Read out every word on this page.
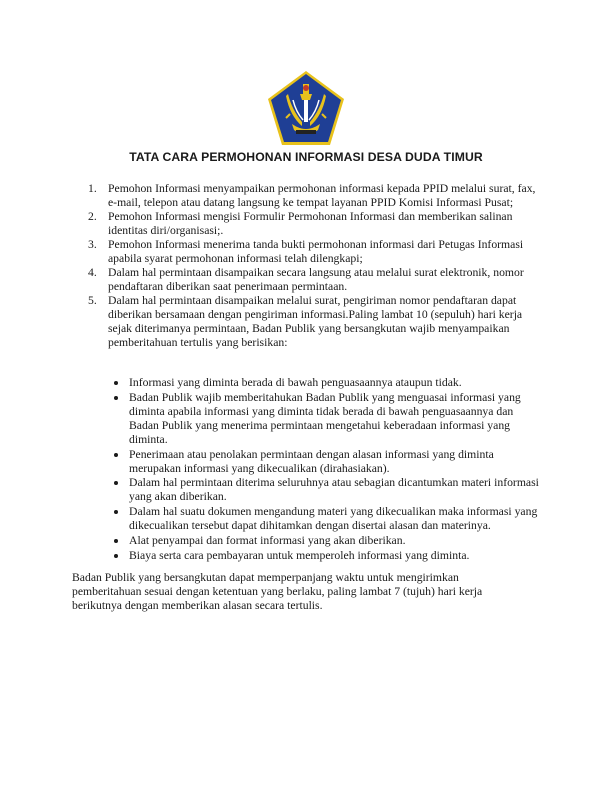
TATA CARA PERMOHONAN INFORMASI DESA DUDA TIMUR
1. Pemohon Informasi menyampaikan permohonan informasi kepada PPID melalui surat, fax, e-mail, telepon atau datang langsung ke tempat layanan PPID Komisi Informasi Pusat;
2. Pemohon Informasi mengisi Formulir Permohonan Informasi dan memberikan salinan identitas diri/organisasi;.
3. Pemohon Informasi menerima tanda bukti permohonan informasi dari Petugas Informasi apabila syarat permohonan informasi telah dilengkapi;
4. Dalam hal permintaan disampaikan secara langsung atau melalui surat elektronik, nomor pendaftaran diberikan saat penerimaan permintaan.
5. Dalam hal permintaan disampaikan melalui surat, pengiriman nomor pendaftaran dapat diberikan bersamaan dengan pengiriman informasi.Paling lambat 10 (sepuluh) hari kerja sejak diterimanya permintaan, Badan Publik yang bersangkutan wajib menyampaikan pemberitahuan tertulis yang berisikan:
Informasi yang diminta berada di bawah penguasaannya ataupun tidak.
Badan Publik wajib memberitahukan Badan Publik yang menguasai informasi yang diminta apabila informasi yang diminta tidak berada di bawah penguasaannya dan Badan Publik yang menerima permintaan mengetahui keberadaan informasi yang diminta.
Penerimaan atau penolakan permintaan dengan alasan informasi yang diminta merupakan informasi yang dikecualikan (dirahasiakan).
Dalam hal permintaan diterima seluruhnya atau sebagian dicantumkan materi informasi yang akan diberikan.
Dalam hal suatu dokumen mengandung materi yang dikecualikan maka informasi yang dikecualikan tersebut dapat dihitamkan dengan disertai alasan dan materinya.
Alat penyampai dan format informasi yang akan diberikan.
Biaya serta cara pembayaran untuk memperoleh informasi yang diminta.

Badan Publik yang bersangkutan dapat memperpanjang waktu untuk mengirimkan pemberitahuan sesuai dengan ketentuan yang berlaku, paling lambat 7 (tujuh) hari kerja berikutnya dengan memberikan alasan secara tertulis.
